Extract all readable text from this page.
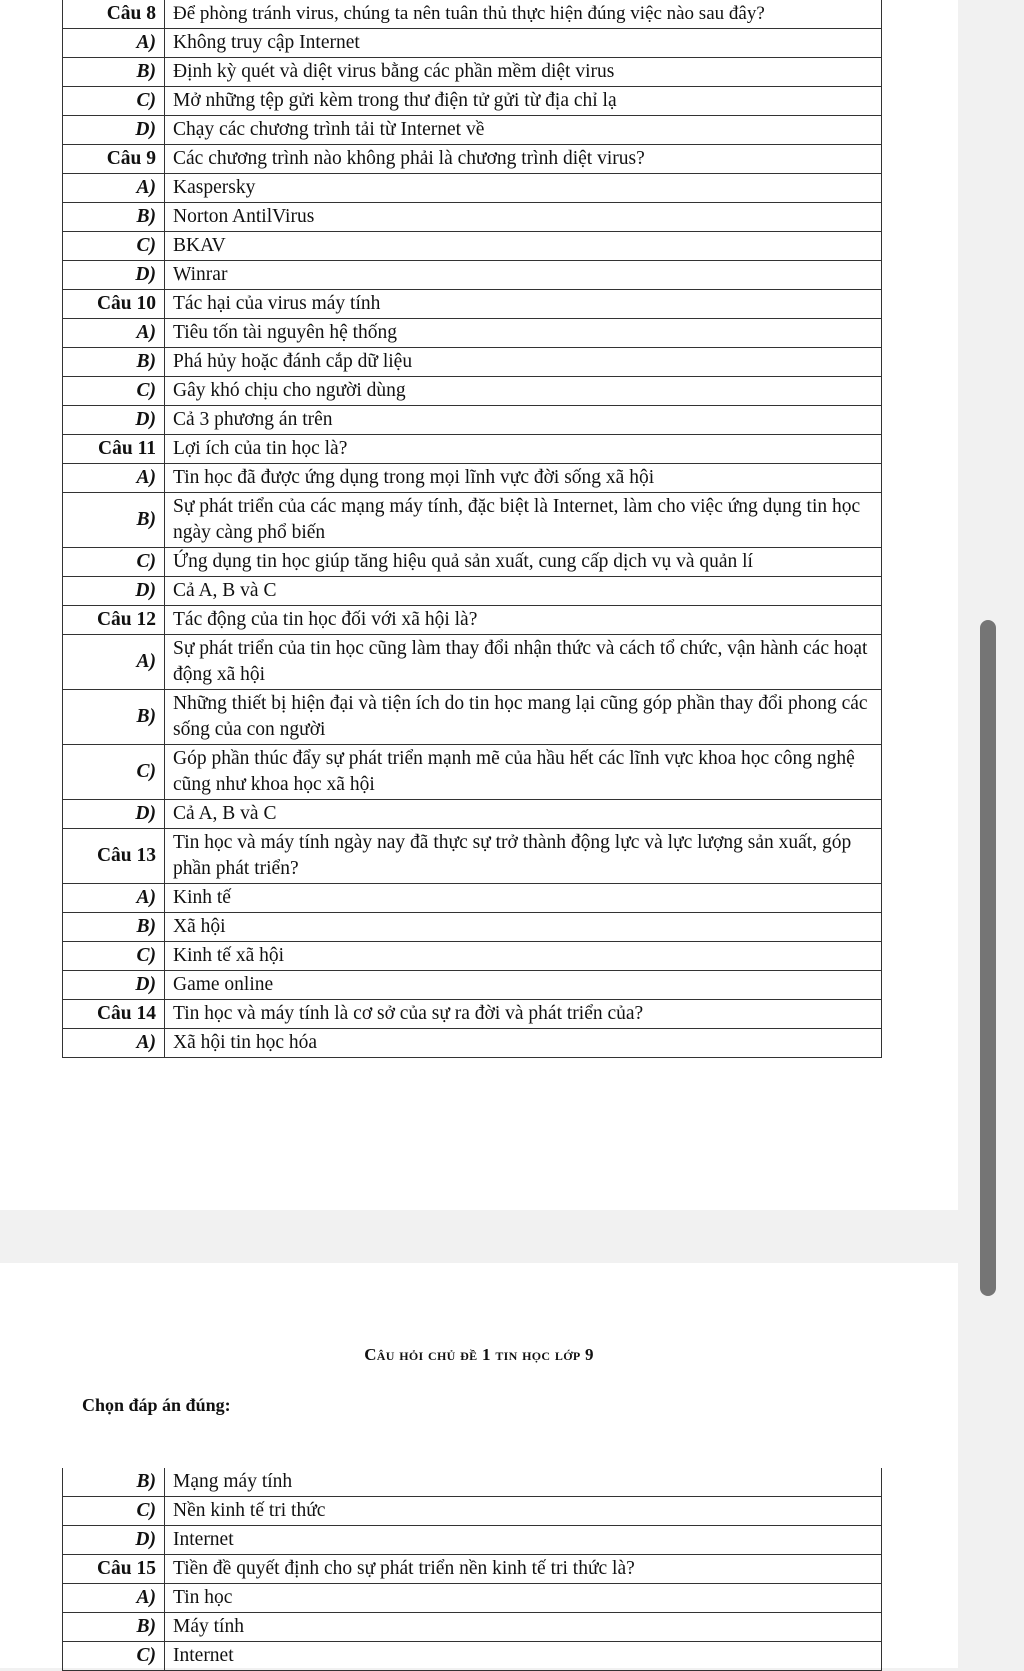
Câu 8	Để phòng tránh virus, chúng ta nên tuân thủ thực hiện đúng việc nào sau đây?
A)	Không truy cập Internet
B)	Định kỳ quét và diệt virus bằng các phần mềm diệt virus
C)	Mở những tệp gửi kèm trong thư điện tử gửi từ địa chỉ lạ
D)	Chạy các chương trình tải từ Internet về
Câu 9	Các chương trình nào không phải là chương trình diệt virus?
A)	Kaspersky
B)	Norton AntilVirus
C)	BKAV
D)	Winrar
Câu 10	Tác hại của virus máy tính
A)	Tiêu tốn tài nguyên hệ thống
B)	Phá hủy hoặc đánh cắp dữ liệu
C)	Gây khó chịu cho người dùng
D)	Cả 3 phương án trên
Câu 11	Lợi ích của tin học là?
A)	Tin học đã được ứng dụng trong mọi lĩnh vực đời sống xã hội
B)	Sự phát triển của các mạng máy tính, đặc biệt là Internet, làm cho việc ứng dụng tin học ngày càng phổ biến
C)	Ứng dụng tin học giúp tăng hiệu quả sản xuất, cung cấp dịch vụ và quản lí
D)	Cả A, B và C
Câu 12	Tác động của tin học đối với xã hội là?
A)	Sự phát triển của tin học cũng làm thay đổi nhận thức và cách tổ chức, vận hành các hoạt động xã hội
B)	Những thiết bị hiện đại và tiện ích do tin học mang lại cũng góp phần thay đổi phong các sống của con người
C)	Góp phần thúc đẩy sự phát triển mạnh mẽ của hầu hết các lĩnh vực khoa học công nghệ cũng như khoa học xã hội
D)	Cả A, B và C
Câu 13	Tin học và máy tính ngày nay đã thực sự trở thành động lực và lực lượng sản xuất, góp phần phát triển?
A)	Kinh tế
B)	Xã hội
C)	Kinh tế xã hội
D)	Game online
Câu 14	Tin học và máy tính là cơ sở của sự ra đời và phát triển của?
A)	Xã hội tin học hóa
Câu hỏi chủ đề 1 tin học lớp 9
Chọn đáp án đúng:
B)	Mạng máy tính
C)	Nền kinh tế tri thức
D)	Internet
Câu 15	Tiền đề quyết định cho sự phát triển nền kinh tế tri thức là?
A)	Tin học
B)	Máy tính
C)	Internet
